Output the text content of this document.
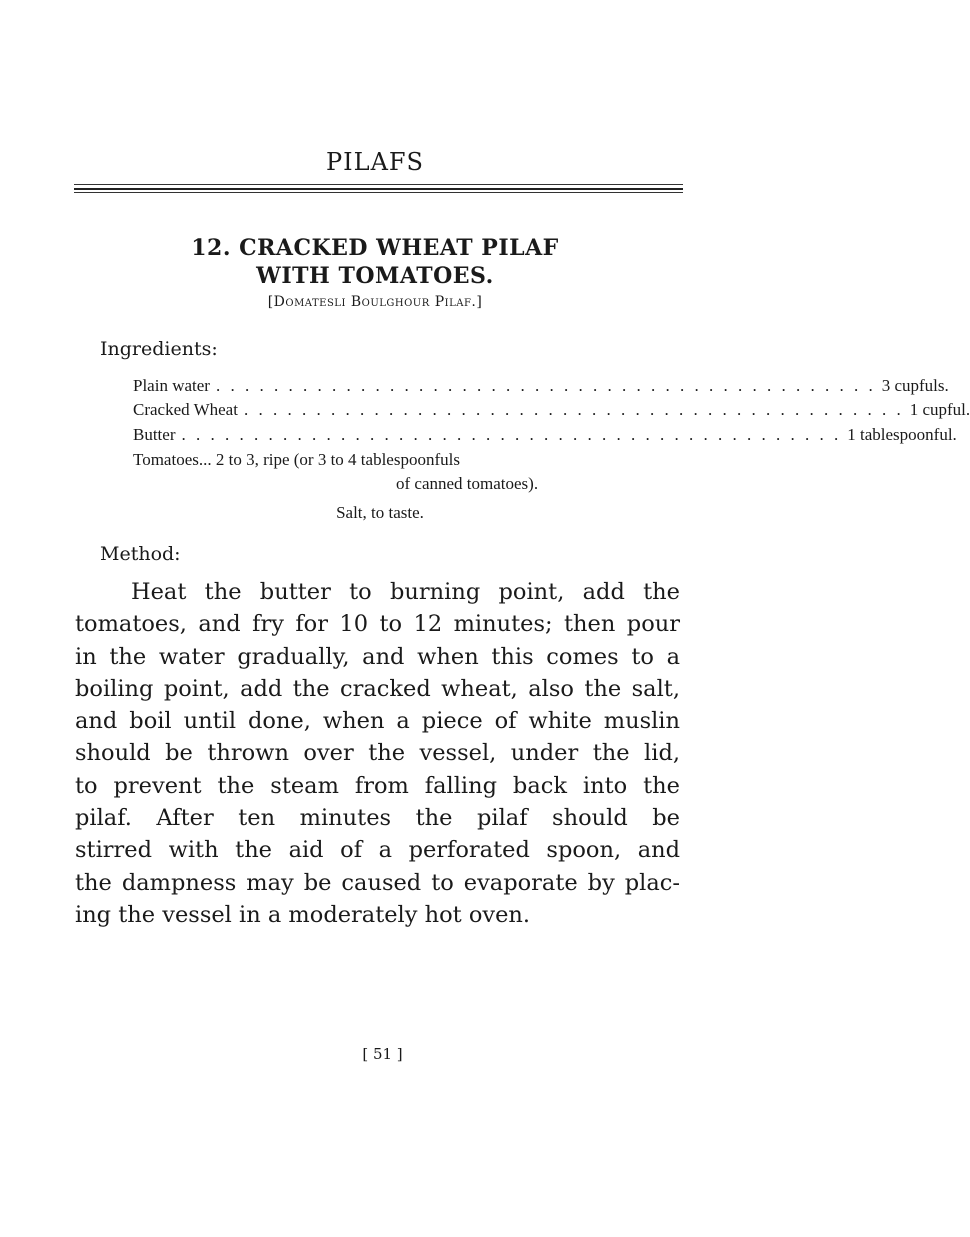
PILAFS
12. CRACKED WHEAT PILAF
WITH TOMATOES.
[Domatesli Boulghour Pilaf.]
Ingredients:
Plain water . . . . . . . . . . . . . . . . . . . . . . . . . . . . . . . . . . . . . . . . . . . . . . 3 cupfuls.
Cracked Wheat . . . . . . . . . . . . . . . . . . . . . . . . . . . . . . . . . . . . . . . . . . . . . . 1 cupful.
Butter . . . . . . . . . . . . . . . . . . . . . . . . . . . . . . . . . . . . . . . . . . . . . . 1 tablespoonful.
Tomatoes... 2 to 3, ripe (or 3 to 4 tablespoonfuls
of canned tomatoes).
Salt, to taste.
Method:
Heat the butter to burning point, add the
tomatoes, and fry for 10 to 12 minutes; then pour
in the water gradually, and when this comes to a
boiling point, add the cracked wheat, also the salt,
and boil until done, when a piece of white muslin
should be thrown over the vessel, under the lid,
to prevent the steam from falling back into the
pilaf. After ten minutes the pilaf should be
stirred with the aid of a perforated spoon, and
the dampness may be caused to evaporate by plac-
ing the vessel in a moderately hot oven.
[ 51 ]
